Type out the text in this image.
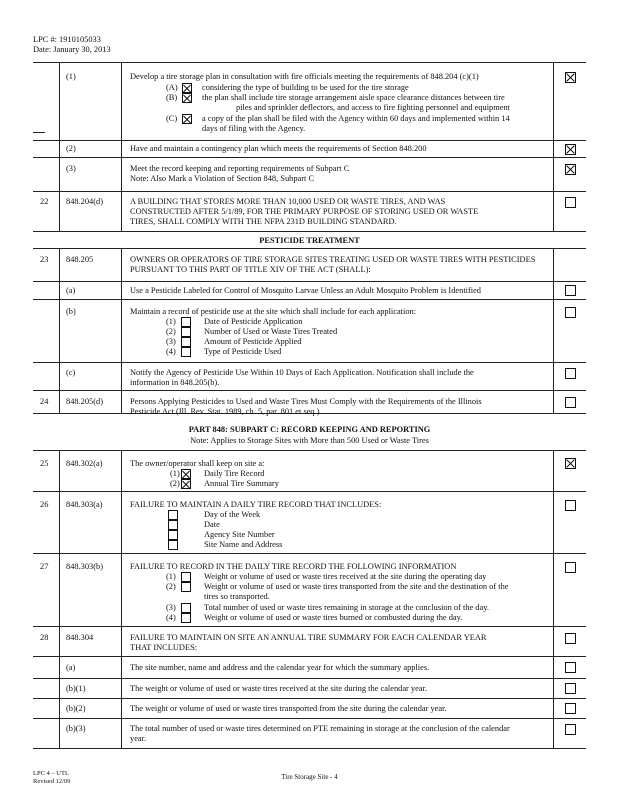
LPC #: 1910105033
Date: January 30, 2013
(1)	Develop a tire storage plan in consultation with fire officials meeting the requirements of 848.204 (c)(1)
(A)	considering the type of building to be used for the tire storage
(B)	the plan shall include tire storage arrangement aisle space clearance distances between tire
piles and sprinkler deflectors, and access to fire fighting personnel and equipment
(C)	a copy of the plan shall be filed with the Agency within 60 days and implemented within 14
days of filing with the Agency.
(2)	Have and maintain a contingency plan which meets the requirements of Section 848.200
(3)	Meet the record keeping and reporting requirements of Subpart C
Note: Also Mark a Violation of Section 848, Subpart C
22 848.204(d)	A BUILDING THAT STORES MORE THAN 10,000 USED OR WASTE TIRES, AND WAS
CONSTRUCTED AFTER 5/1/89, FOR THE PRIMARY PURPOSE OF STORING USED OR WASTE
TIRES, SHALL COMPLY WITH THE NFPA 231D BUILDING STANDARD.
PESTICIDE TREATMENT
23 848.205	OWNERS OR OPERATORS OF TIRE STORAGE SITES TREATING USED OR WASTE TIRES WITH PESTICIDES
PURSUANT TO THIS PART OF TITLE XIV OF THE ACT (SHALL):
(a)	Use a Pesticide Labeled for Control of Mosquito Larvae Unless an Adult Mosquito Problem is Identified
(b)	Maintain a record of pesticide use at the site which shall include for each application:
(1)	Date of Pesticide Application
(2)	Number of Used or Waste Tires Treated
(3)	Amount of Pesticide Applied
(4)	Type of Pesticide Used
(c)	Notify the Agency of Pesticide Use Within 10 Days of Each Application. Notification shall include the
information in 848.205(b).
24 848.205(d)	Persons Applying Pesticides to Used and Waste Tires Must Comply with the Requirements of the Illinois
Pesticide Act (Ill. Rev. Stat. 1989, ch. 5, par. 801 et seq.)
PART 848: SUBPART C: RECORD KEEPING AND REPORTING
Note: Applies to Storage Sites with More than 500 Used or Waste Tires
25 848.302(a)	The owner/operator shall keep on site a:
(1)	Daily Tire Record
(2)	Annual Tire Summary
26 848.303(a)	FAILURE TO MAINTAIN A DAILY TIRE RECORD THAT INCLUDES:
Day of the Week
Date
Agency Site Number
Site Name and Address
27 848.303(b)	FAILURE TO RECORD IN THE DAILY TIRE RECORD THE FOLLOWING INFORMATION
(1)	Weight or volume of used or waste tires received at the site during the operating day
(2)	Weight or volume of used or waste tires transported from the site and the destination of the
tires so transported.
(3)	Total number of used or waste tires remaining in storage at the conclusion of the day.
(4)	Weight or volume of used or waste tires burned or combusted during the day.
28 848.304	FAILURE TO MAINTAIN ON SITE AN ANNUAL TIRE SUMMARY FOR EACH CALENDAR YEAR
THAT INCLUDES:
(a)	The site number, name and address and the calendar year for which the summary applies.
(b)(1)	The weight or volume of used or waste tires received at the site during the calendar year.
(b)(2)	The weight or volume of used or waste tires transported from the site during the calendar year.
(b)(3)	The total number of used or waste tires determined on PTE remaining in storage at the conclusion of the calendar
year.
LPC 4 – UTL
Revised 12/09
Tire Storage Site - 4
